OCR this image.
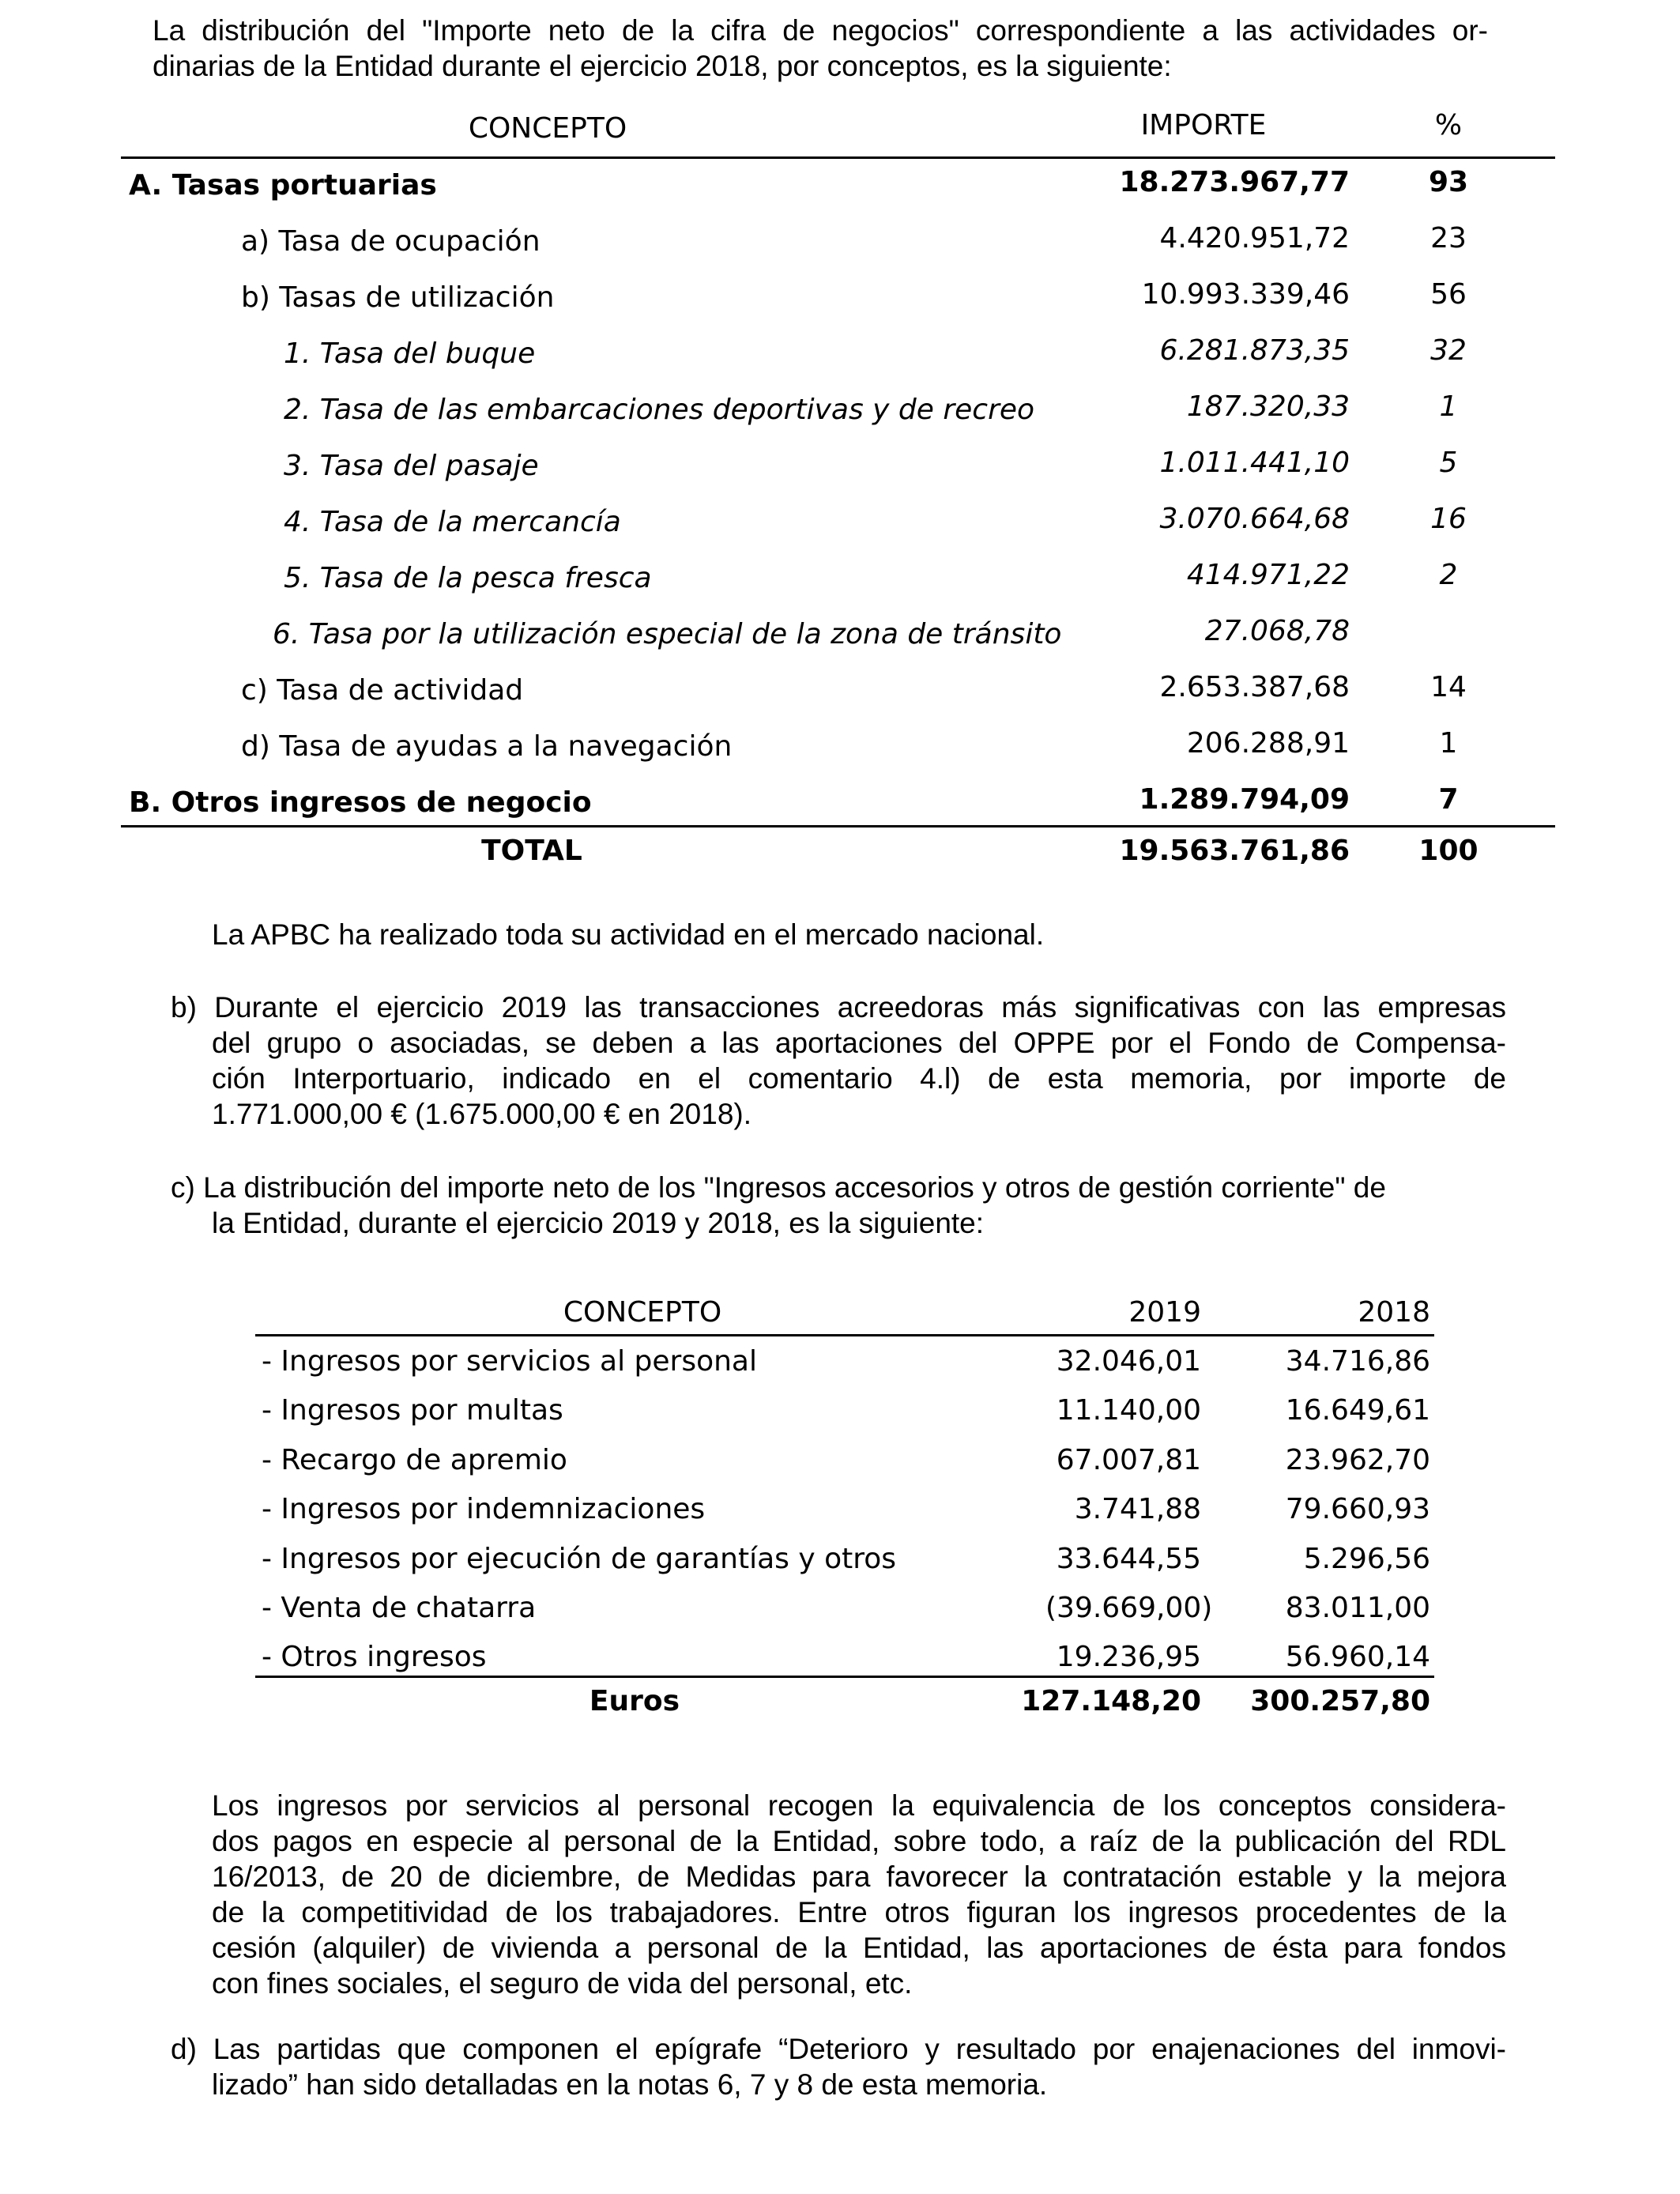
La distribución del "Importe neto de la cifra de negocios" correspondiente a las actividades or-
dinarias de la Entidad durante el ejercicio 2018, por conceptos, es la siguiente:
CONCEPTO	IMPORTE	%
A. Tasas portuarias	18.273.967,77	93
a) Tasa de ocupación	4.420.951,72	23
b) Tasas de utilización	10.993.339,46	56
1. Tasa del buque	6.281.873,35	32
2. Tasa de las embarcaciones deportivas y de recreo	187.320,33	1
3. Tasa del pasaje	1.011.441,10	5
4. Tasa de la mercancía	3.070.664,68	16
5. Tasa de la pesca fresca	414.971,22	2
6. Tasa por la utilización especial de la zona de tránsito	27.068,78
c) Tasa de actividad	2.653.387,68	14
d) Tasa de ayudas a la navegación	206.288,91	1
B. Otros ingresos de negocio	1.289.794,09	7
TOTAL	19.563.761,86 100
La APBC ha realizado toda su actividad en el mercado nacional.
b) Durante el ejercicio 2019 las transacciones acreedoras más significativas con las empresas
del grupo o asociadas, se deben a las aportaciones del OPPE por el Fondo de Compensa-
ción Interportuario, indicado en el comentario 4.l) de esta memoria, por importe de
1.771.000,00 € (1.675.000,00 € en 2018).
c) La distribución del importe neto de los "Ingresos accesorios y otros de gestión corriente" de
la Entidad, durante el ejercicio 2019 y 2018, es la siguiente:
CONCEPTO	2019	2018
- Ingresos por servicios al personal	32.046,01	34.716,86
- Ingresos por multas	11.140,00	16.649,61
- Recargo de apremio	67.007,81	23.962,70
- Ingresos por indemnizaciones	3.741,88	79.660,93
- Ingresos por ejecución de garantías y otros	33.644,55	5.296,56
- Venta de chatarra	(39.669,00)	83.011,00
- Otros ingresos	19.236,95	56.960,14
Euros	127.148,20	300.257,80
Los ingresos por servicios al personal recogen la equivalencia de los conceptos considera-
dos pagos en especie al personal de la Entidad, sobre todo, a raíz de la publicación del RDL
16/2013, de 20 de diciembre, de Medidas para favorecer la contratación estable y la mejora
de la competitividad de los trabajadores. Entre otros figuran los ingresos procedentes de la
cesión (alquiler) de vivienda a personal de la Entidad, las aportaciones de ésta para fondos
con fines sociales, el seguro de vida del personal, etc.
d) Las partidas que componen el epígrafe “Deterioro y resultado por enajenaciones del inmovi-
lizado” han sido detalladas en la notas 6, 7 y 8 de esta memoria.
